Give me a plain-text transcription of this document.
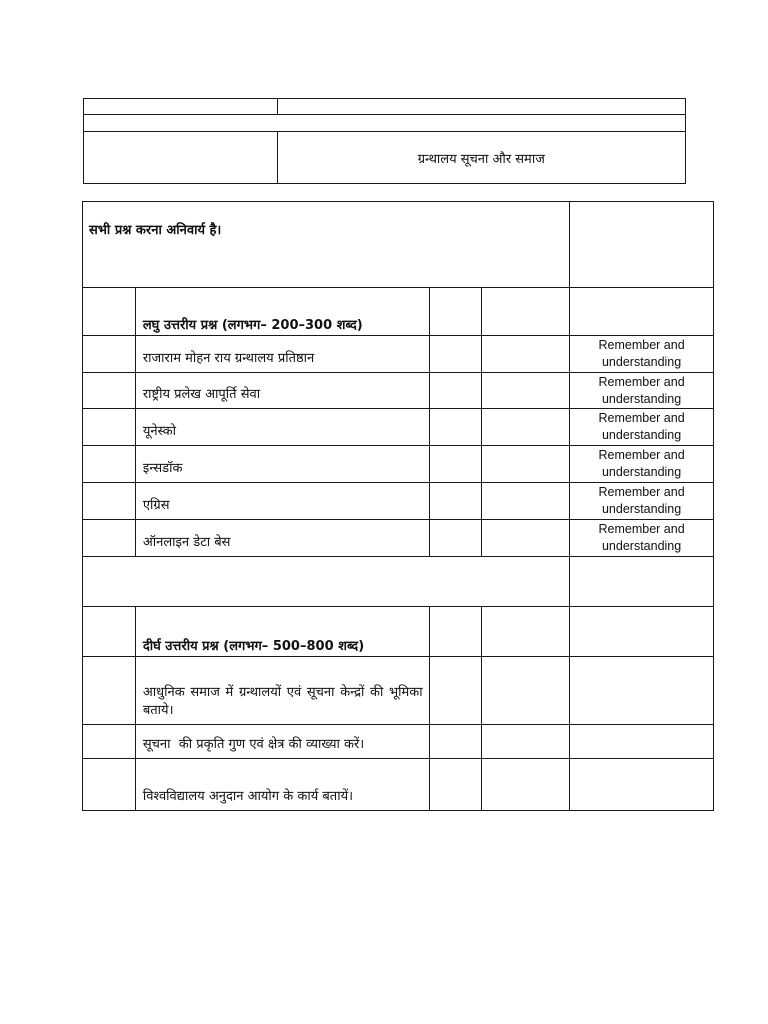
	ग्रन्थालय सूचना और समाज
सभी प्रश्न करना अनिवार्य है।				
	लघु उत्तरीय प्रश्न (लगभग– 200–300 शब्द)			
	राजाराम मोहन राय ग्रन्थालय प्रतिष्ठान			Remember and understanding
	राष्ट्रीय प्रलेख आपूर्ति सेवा			Remember and understanding
	यूनेस्को			Remember and understanding
	इन्सडॉक			Remember and understanding
	एग्रिस			Remember and understanding
	ऑनलाइन डेटा बेस			Remember and understanding

	दीर्घ उत्तरीय प्रश्न (लगभग– 500–800 शब्द)			
	आधुनिक समाज में ग्रन्थालयों एवं सूचना केन्द्रों की भूमिका बताये।			
	सूचना  की प्रकृति गुण एवं क्षेत्र की व्याख्या करें।			
	विश्वविद्यालय अनुदान आयोग के कार्य बतायें।			
